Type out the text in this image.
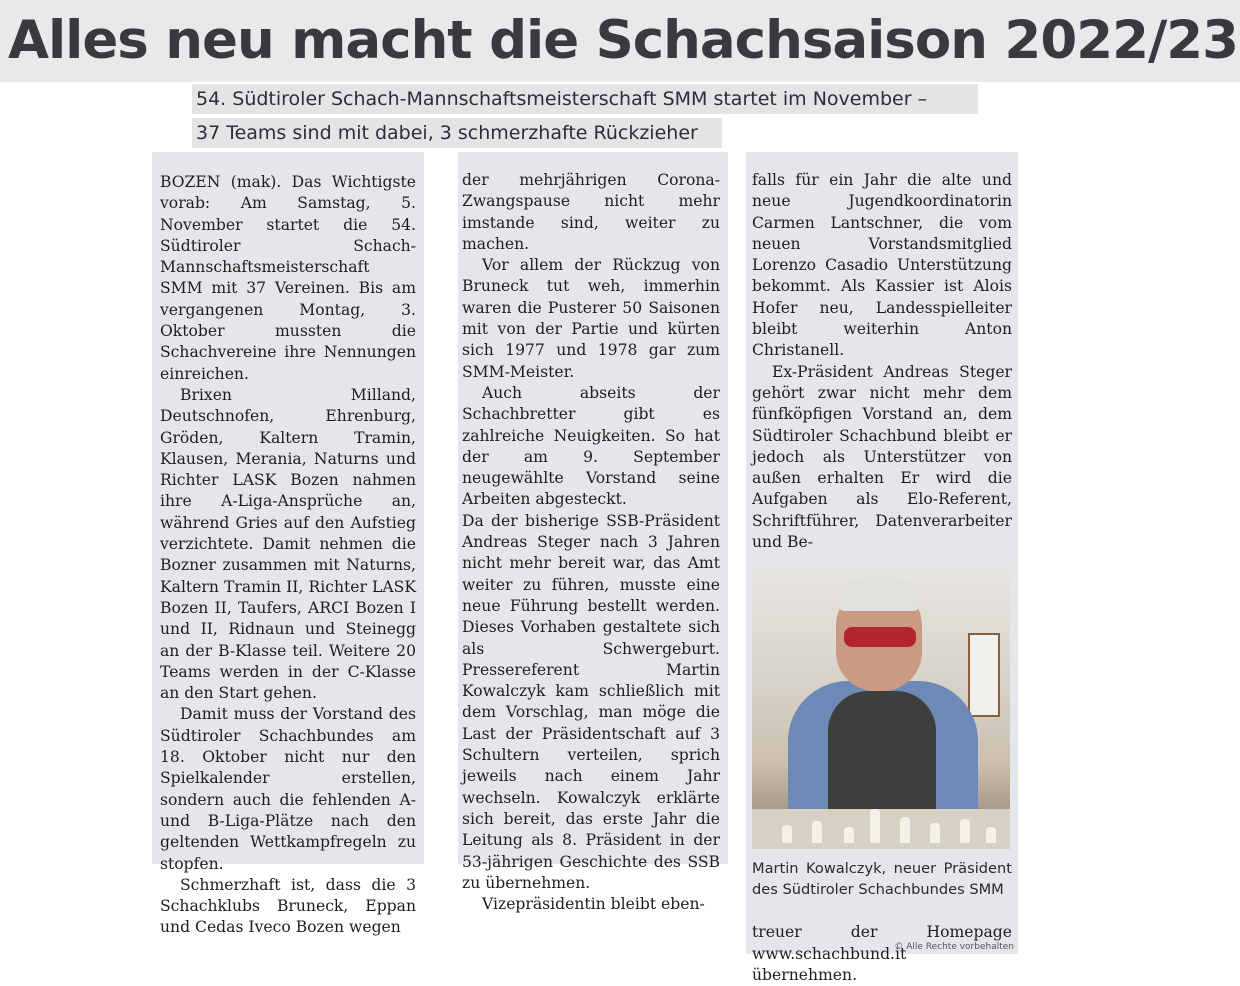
Alles neu macht die Schachsaison 2022/23
54. Südtiroler Schach-Mannschaftsmeisterschaft SMM startet im November –
37 Teams sind mit dabei, 3 schmerzhafte Rückzieher

BOZEN (mak). Das Wichtigste vorab: Am Samstag, 5. November startet die 54. Südtiroler Schach-Mannschaftsmeisterschaft SMM mit 37 Vereinen. Bis am vergangenen Montag, 3. Oktober mussten die Schachvereine ihre Nennungen einreichen.

Brixen Milland, Deutschnofen, Ehrenburg, Gröden, Kaltern Tramin, Klausen, Merania, Naturns und Richter LASK Bozen nahmen ihre A-Liga-Ansprüche an, während Gries auf den Aufstieg verzichtete. Damit nehmen die Bozner zusammen mit Naturns, Kaltern Tramin II, Richter LASK Bozen II, Taufers, ARCI Bozen I und II, Ridnaun und Steinegg an der B-Klasse teil. Weitere 20 Teams werden in der C-Klasse an den Start gehen.

Damit muss der Vorstand des Südtiroler Schachbundes am 18. Oktober nicht nur den Spielkalender erstellen, sondern auch die fehlenden A- und B-Liga-Plätze nach den geltenden Wettkampfregeln zu stopfen.

Schmerzhaft ist, dass die 3 Schachklubs Bruneck, Eppan und Cedas Iveco Bozen wegen

der mehrjährigen Corona-Zwangspause nicht mehr imstande sind, weiter zu machen.

Vor allem der Rückzug von Bruneck tut weh, immerhin waren die Pusterer 50 Saisonen mit von der Partie und kürten sich 1977 und 1978 gar zum SMM-Meister.

Auch abseits der Schachbretter gibt es zahlreiche Neuigkeiten. So hat der am 9. September neugewählte Vorstand seine Arbeiten abgesteckt.

Da der bisherige SSB-Präsident Andreas Steger nach 3 Jahren nicht mehr bereit war, das Amt weiter zu führen, musste eine neue Führung bestellt werden. Dieses Vorhaben gestaltete sich als Schwergeburt. Pressereferent Martin Kowalczyk kam schließlich mit dem Vorschlag, man möge die Last der Präsidentschaft auf 3 Schultern verteilen, sprich jeweils nach einem Jahr wechseln. Kowalczyk erklärte sich bereit, das erste Jahr die Leitung als 8. Präsident in der 53-jährigen Geschichte des SSB zu übernehmen.

Vizepräsidentin bleibt eben-

falls für ein Jahr die alte und neue Jugendkoordinatorin Carmen Lantschner, die vom neuen Vorstandsmitglied Lorenzo Casadio Unterstützung bekommt. Als Kassier ist Alois Hofer neu, Landesspielleiter bleibt weiterhin Anton Christanell.

Ex-Präsident Andreas Steger gehört zwar nicht mehr dem fünfköpfigen Vorstand an, dem Südtiroler Schachbund bleibt er jedoch als Unterstützer von außen erhalten Er wird die Aufgaben als Elo-Referent, Schriftführer, Datenverarbeiter und Be-

Martin Kowalczyk, neuer Präsident des Südtiroler Schachbundes SMM

treuer der Homepage www.schachbund.it übernehmen.

© Alle Rechte vorbehalten
